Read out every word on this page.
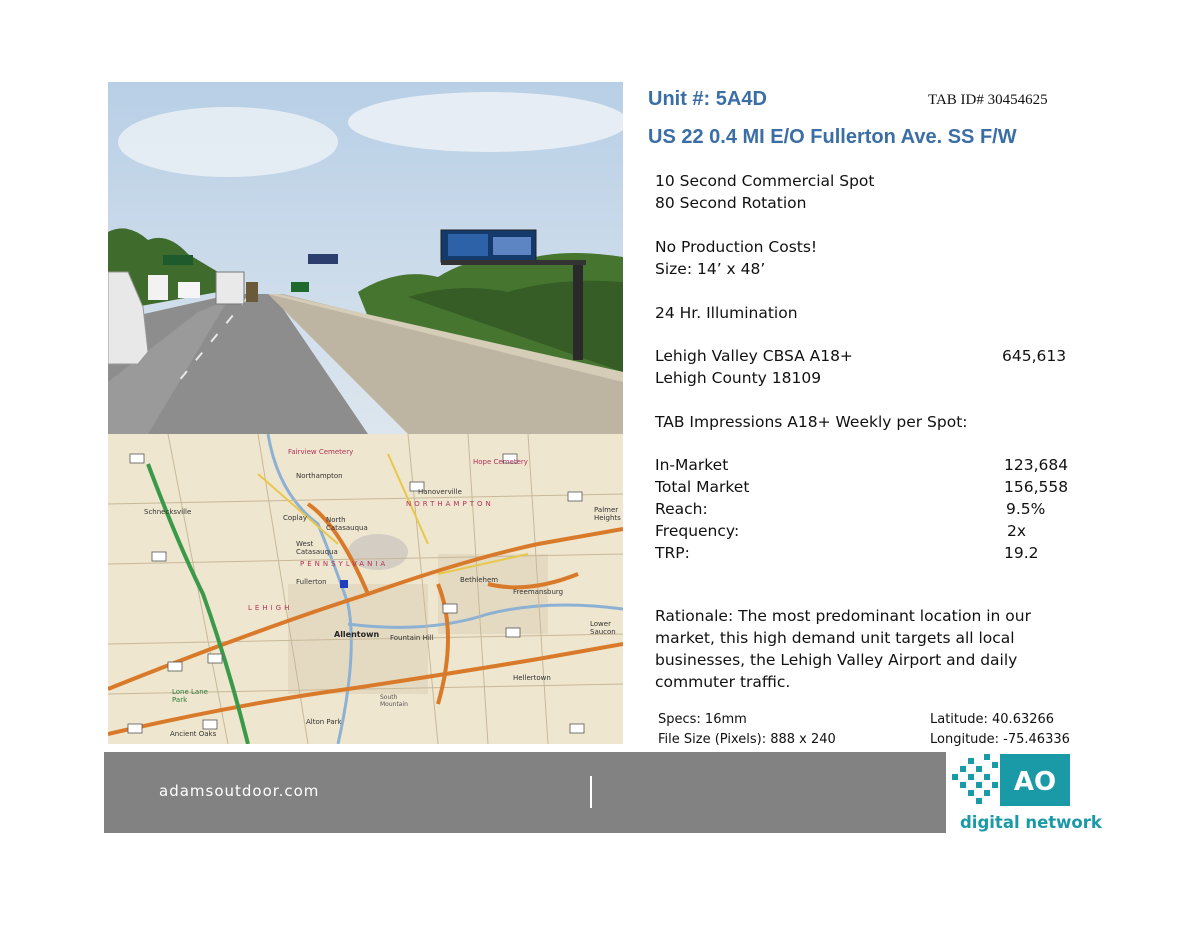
Fairview Cemetery
Northampton
Hope Cemetery
Hanoverville
Schnecksville
Coplay	North Catasauqua
West Catasauqua
NORTHAMPTON
PENNSYLVANIA
LEHIGH
Fullerton	Bethlehem
Freemansburg
Allentown Fountain Hill
Lower Saucon
Hellertown
Palmer Heights
Lone Lane Park
Ancient Oaks
South Mountain
Alton Park
Unit #: 5A4D	TAB ID# 30454625
US 22 0.4 MI E/O Fullerton Ave. SS F/W
10 Second Commercial Spot
80 Second Rotation
No Production Costs!
Size: 14’ x 48’
24 Hr. Illumination
Lehigh Valley CBSA A18+	645,613
Lehigh County 18109
TAB Impressions A18+ Weekly per Spot:
In-Market	123,684
Total Market	156,558
Reach:	9.5%
Frequency:	2x
TRP:	19.2
Rationale: The most predominant location in our market, this high demand unit targets all local businesses, the Lehigh Valley Airport and daily commuter traffic.
Specs: 16mm
File Size (Pixels): 888 x 240
Latitude: 40.63266
Longitude: -75.46336
adamsoutdoor.com	AO
digital network
